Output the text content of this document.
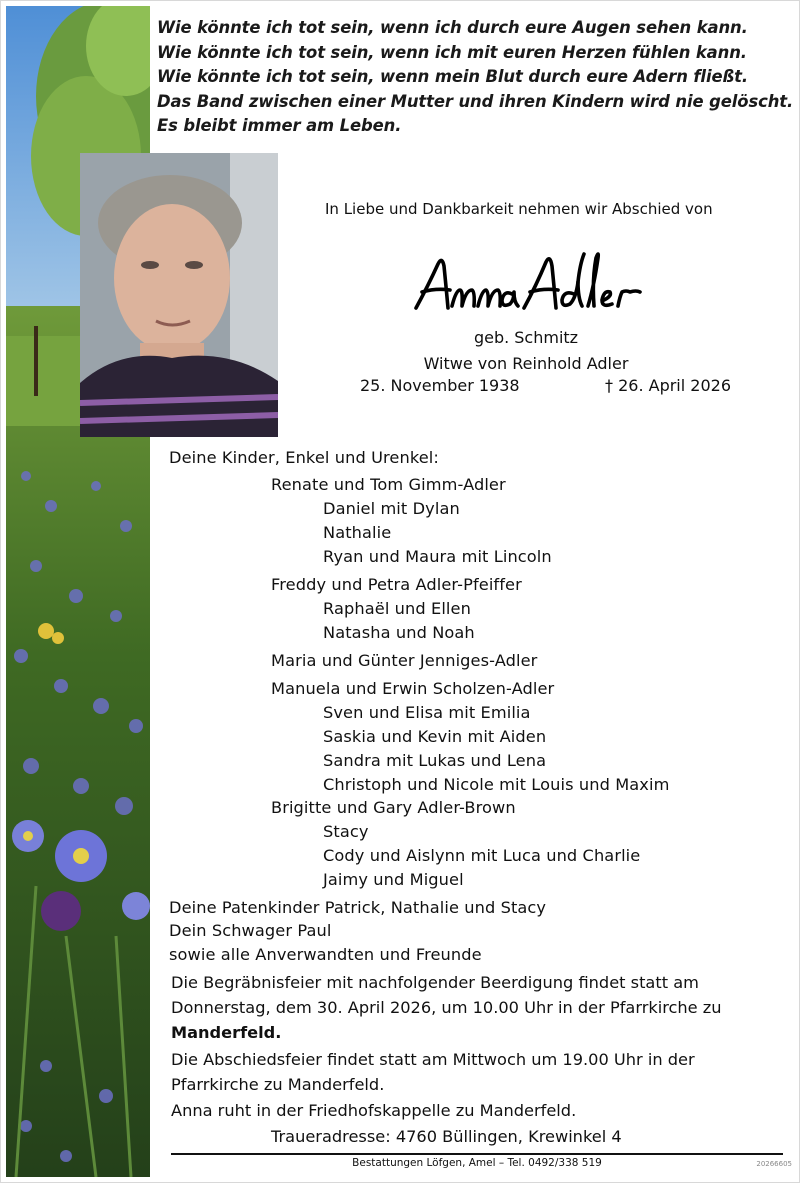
Wie könnte ich tot sein, wenn ich durch eure Augen sehen kann.
Wie könnte ich tot sein, wenn ich mit euren Herzen fühlen kann.
Wie könnte ich tot sein, wenn mein Blut durch eure Adern fließt.
Das Band zwischen einer Mutter und ihren Kindern wird nie gelöscht.
Es bleibt immer am Leben.
In Liebe und Dankbarkeit nehmen wir Abschied von
geb. Schmitz
Witwe von Reinhold Adler
25. November 1938	† 26. April 2026
Deine Kinder, Enkel und Urenkel:
Renate und Tom Gimm-Adler
Daniel mit Dylan
Nathalie
Ryan und Maura mit Lincoln
Freddy und Petra Adler-Pfeiffer
Raphaël und Ellen
Natasha und Noah
Maria und Günter Jenniges-Adler
Manuela und Erwin Scholzen-Adler
Sven und Elisa mit Emilia
Saskia und Kevin mit Aiden
Sandra mit Lukas und Lena
Christoph und Nicole mit Louis und Maxim
Brigitte und Gary Adler-Brown
Stacy
Cody und Aislynn mit Luca und Charlie
Jaimy und Miguel
Deine Patenkinder Patrick, Nathalie und Stacy
Dein Schwager Paul
sowie alle Anverwandten und Freunde
Die Begräbnisfeier mit nachfolgender Beerdigung findet statt am
Donnerstag, dem 30. April 2026, um 10.00 Uhr in der Pfarrkirche zu
Manderfeld.
Die Abschiedsfeier findet statt am Mittwoch um 19.00 Uhr in der
Pfarrkirche zu Manderfeld.
Anna ruht in der Friedhofskappelle zu Manderfeld.
Traueradresse: 4760 Büllingen, Krewinkel 4
Bestattungen Löfgen, Amel – Tel. 0492/338 519	20266605
